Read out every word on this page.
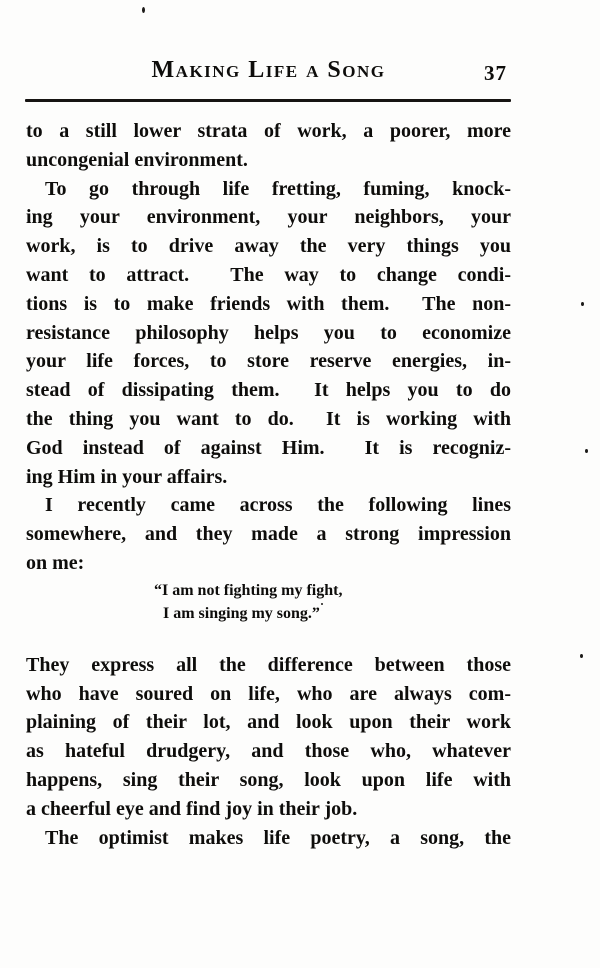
Making Life a Song	37
to a still lower strata of work, a poorer, more
uncongenial environment.
To go through life fretting, fuming, knock-
ing your environment, your neighbors, your
work, is to drive away the very things you
want to attract.  The way to change condi-
tions is to make friends with them.  The non-
resistance philosophy helps you to economize
your life forces, to store reserve energies, in-
stead of dissipating them.  It helps you to do
the thing you want to do.  It is working with
God instead of against Him.  It is recogniz-
ing Him in your affairs.
I recently came across the following lines
somewhere, and they made a strong impression
on me:
“I am not fighting my fight,
I am singing my song.”
They express all the difference between those
who have soured on life, who are always com-
plaining of their lot, and look upon their work
as hateful drudgery, and those who, whatever
happens, sing their song, look upon life with
a cheerful eye and find joy in their job.
The optimist makes life poetry, a song, the
